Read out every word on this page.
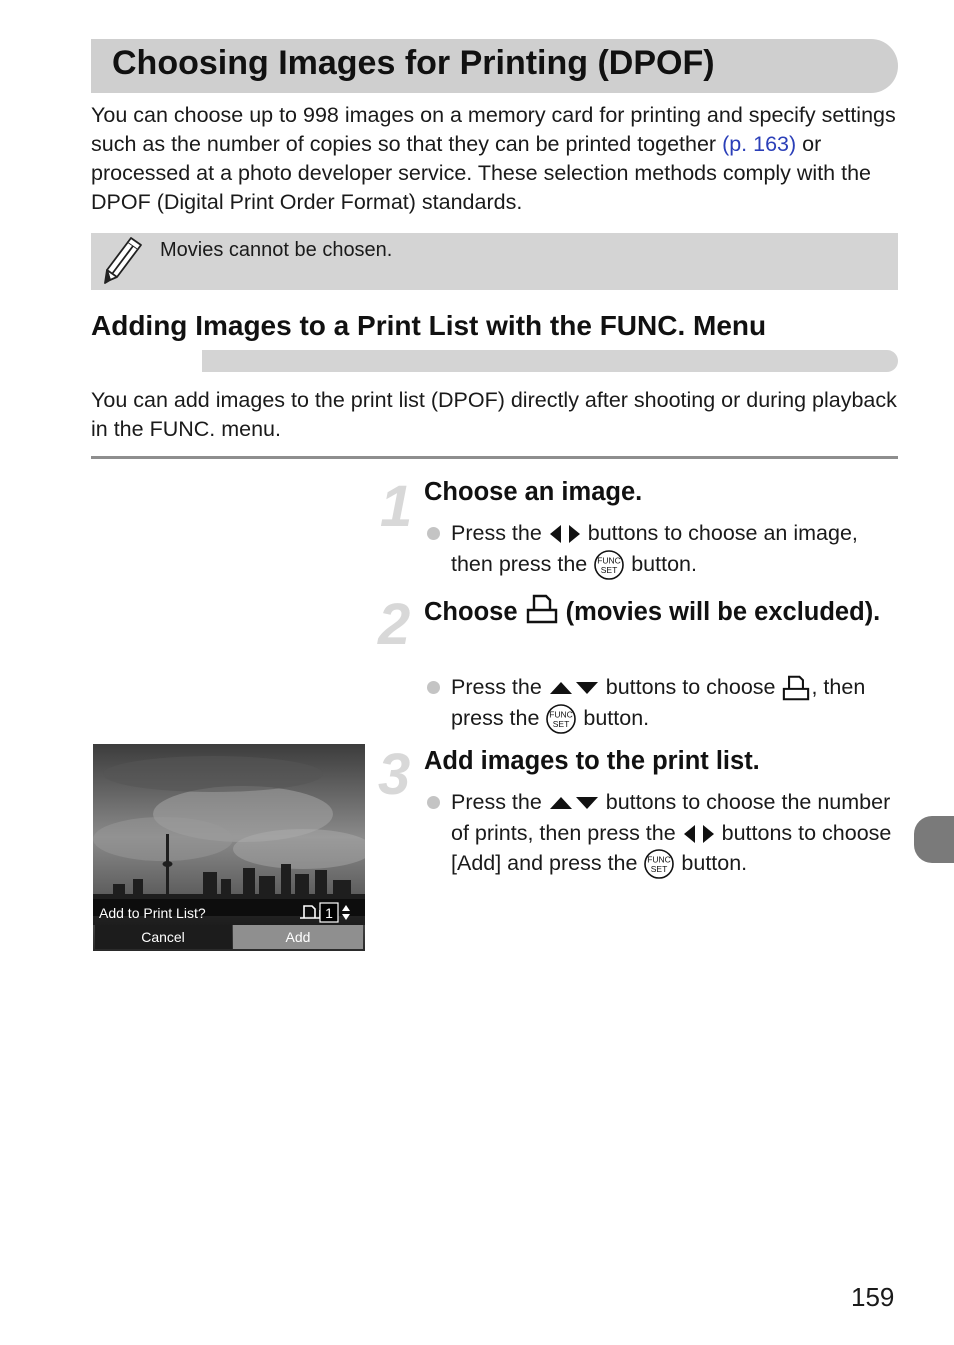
Choosing Images for Printing (DPOF)
You can choose up to 998 images on a memory card for printing and specify settings such as the number of copies so that they can be printed together (p. 163) or processed at a photo developer service. These selection methods comply with the DPOF (Digital Print Order Format) standards.
Movies cannot be chosen.
Adding Images to a Print List with the FUNC. Menu
You can add images to the print list (DPOF) directly after shooting or during playback in the FUNC. menu.
1 Choose an image.
Press the  buttons to choose an image, then press the FUNC
SET button.
2 Choose  (movies will be excluded).
Press the  buttons to choose , then press the FUNC
SET button.
3 Add images to the print list.
Press the  buttons to choose the number of prints, then press the  buttons to choose [Add] and press the FUNC
SET button.
Add to Print List?	1
Cancel	Add
159
